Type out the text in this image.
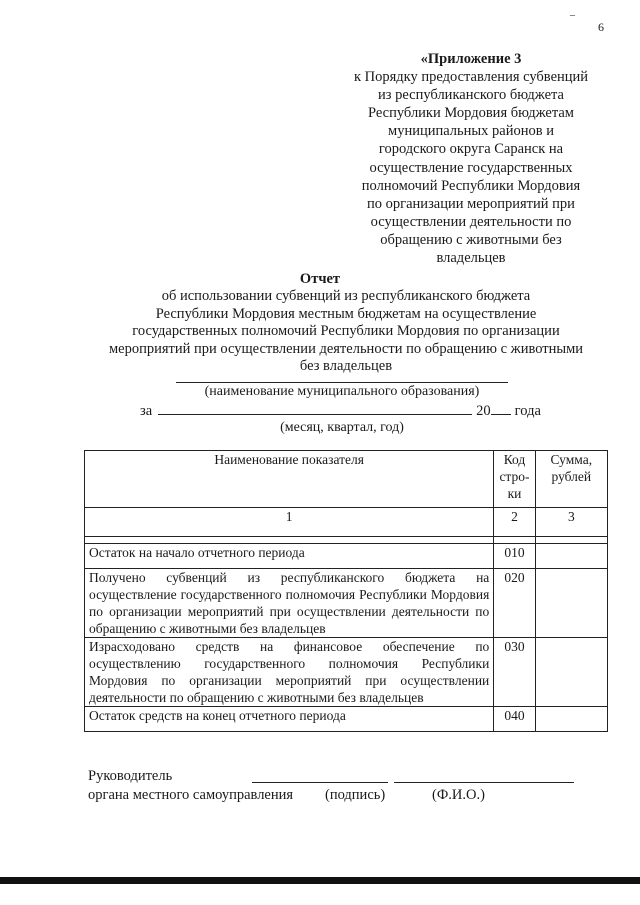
–
6
«Приложение 3
к Порядку предоставления субвенций
из республиканского бюджета
Республики Мордовия бюджетам
муниципальных районов и
городского округа Саранск на
осуществление государственных
полномочий Республики Мордовия
по организации мероприятий при
осуществлении деятельности по
обращению с животными без
владельцев
Отчет
об использовании субвенций из республиканского бюджета
Республики Мордовия местным бюджетам на осуществление
государственных полномочий Республики Мордовия по организации
мероприятий при осуществлении деятельности по обращению с животными
без владельцев
(наименование муниципального образования)
за	20 года
(месяц, квартал, год)
Наименование показателя	Код стро-ки	Сумма, рублей
1	2	3

Остаток на начало отчетного периода	010	
Получено субвенций из республиканского бюджета на осуществление государственного полномочия Республики Мордовия по организации мероприятий при осуществлении деятельности по обращению с животными без владельцев	020	
Израсходовано средств на финансовое обеспечение по осуществлению государственного полномочия Республики Мордовия по организации мероприятий при осуществлении деятельности по обращению с животными без владельцев	030	
Остаток средств на конец отчетного периода	040	
Руководитель
органа местного самоуправления (подпись)	(Ф.И.О.)
